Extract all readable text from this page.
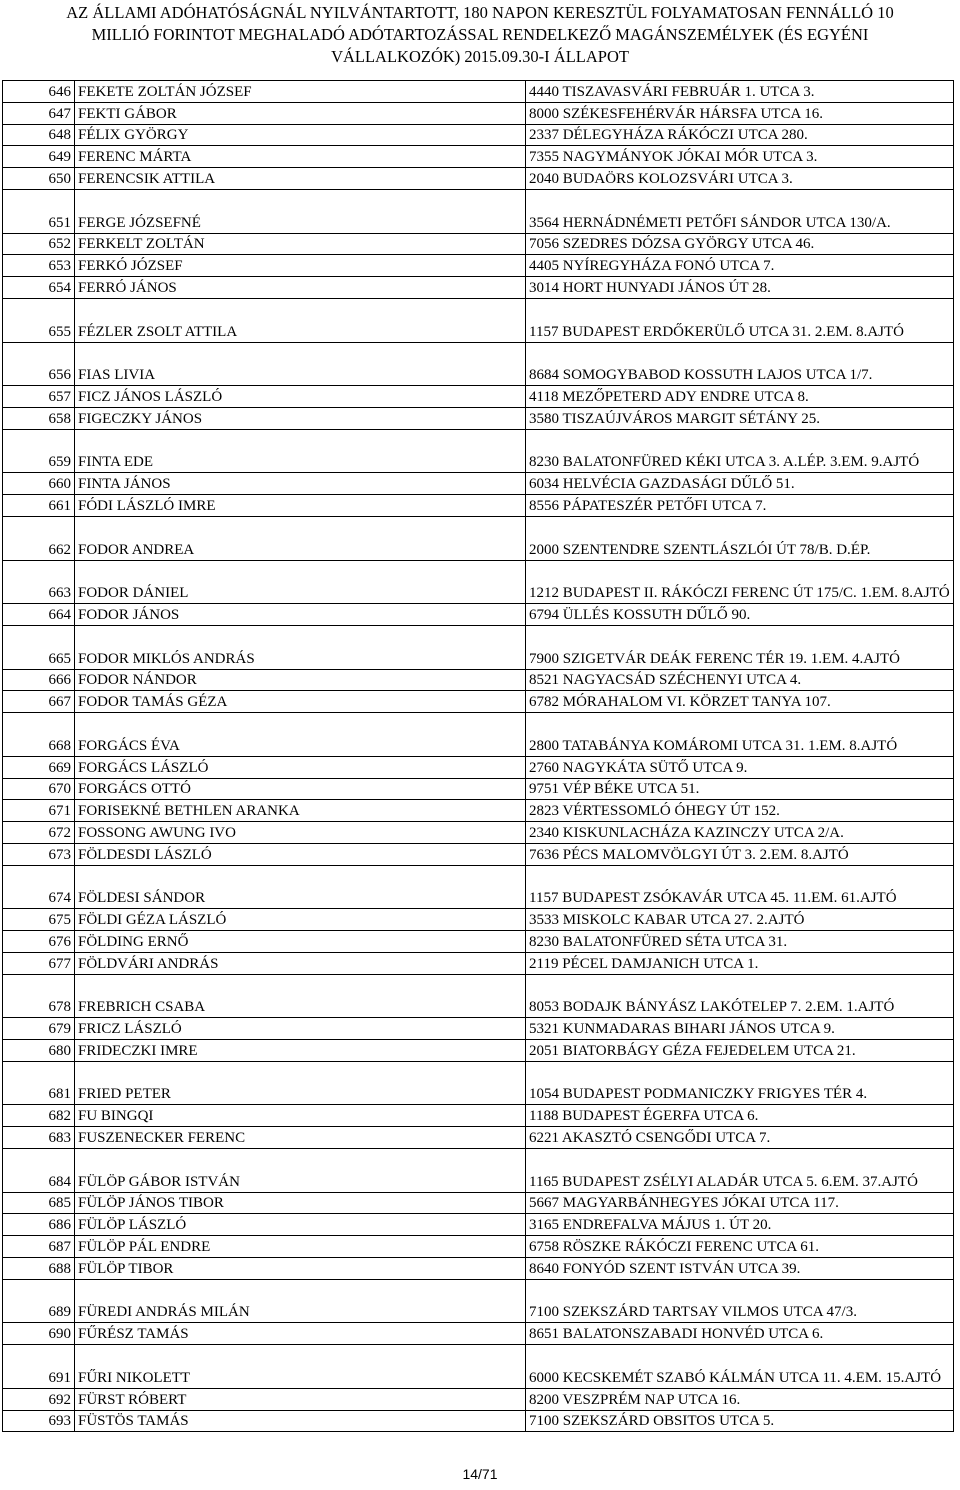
AZ ÁLLAMI ADÓHATÓSÁGNÁL NYILVÁNTARTOTT, 180 NAPON KERESZTÜL FOLYAMATOSAN FENNÁLLÓ 10
MILLIÓ FORINTOT MEGHALADÓ ADÓTARTOZÁSSAL RENDELKEZŐ MAGÁNSZEMÉLYEK (ÉS EGYÉNI
VÁLLALKOZÓK) 2015.09.30-I ÁLLAPOT
646	FEKETE ZOLTÁN JÓZSEF	4440 TISZAVASVÁRI FEBRUÁR 1. UTCA 3.
647	FEKTI GÁBOR	8000 SZÉKESFEHÉRVÁR HÁRSFA UTCA 16.
648	FÉLIX GYÖRGY	2337 DÉLEGYHÁZA RÁKÓCZI UTCA 280.
649	FERENC MÁRTA	7355 NAGYMÁNYOK JÓKAI MÓR UTCA 3.
650	FERENCSIK ATTILA	2040 BUDAÖRS KOLOZSVÁRI UTCA 3.
651	FERGE JÓZSEFNÉ	3564 HERNÁDNÉMETI PETŐFI SÁNDOR UTCA 130/A.
652	FERKELT ZOLTÁN	7056 SZEDRES DÓZSA GYÖRGY UTCA 46.
653	FERKÓ JÓZSEF	4405 NYÍREGYHÁZA FONÓ UTCA 7.
654	FERRÓ JÁNOS	3014 HORT HUNYADI JÁNOS ÚT 28.
655	FÉZLER ZSOLT ATTILA	1157 BUDAPEST ERDŐKERÜLŐ UTCA 31. 2.EM. 8.AJTÓ
656	FIAS LIVIA	8684 SOMOGYBABOD KOSSUTH LAJOS UTCA 1/7.
657	FICZ JÁNOS LÁSZLÓ	4118 MEZŐPETERD ADY ENDRE UTCA 8.
658	FIGECZKY JÁNOS	3580 TISZAÚJVÁROS MARGIT SÉTÁNY 25.
659	FINTA EDE	8230 BALATONFÜRED KÉKI UTCA 3. A.LÉP. 3.EM. 9.AJTÓ
660	FINTA JÁNOS	6034 HELVÉCIA GAZDASÁGI DŰLŐ 51.
661	FÓDI LÁSZLÓ IMRE	8556 PÁPATESZÉR PETŐFI UTCA 7.
662	FODOR ANDREA	2000 SZENTENDRE SZENTLÁSZLÓI ÚT 78/B. D.ÉP.
663	FODOR DÁNIEL	1212 BUDAPEST II. RÁKÓCZI FERENC ÚT 175/C. 1.EM. 8.AJTÓ
664	FODOR JÁNOS	6794 ÜLLÉS KOSSUTH DŰLŐ 90.
665	FODOR MIKLÓS ANDRÁS	7900 SZIGETVÁR DEÁK FERENC TÉR 19. 1.EM. 4.AJTÓ
666	FODOR NÁNDOR	8521 NAGYACSÁD SZÉCHENYI UTCA 4.
667	FODOR TAMÁS GÉZA	6782 MÓRAHALOM VI. KÖRZET TANYA 107.
668	FORGÁCS ÉVA	2800 TATABÁNYA KOMÁROMI UTCA 31. 1.EM. 8.AJTÓ
669	FORGÁCS LÁSZLÓ	2760 NAGYKÁTA SÜTŐ UTCA 9.
670	FORGÁCS OTTÓ	9751 VÉP BÉKE UTCA 51.
671	FORISEKNÉ BETHLEN ARANKA	2823 VÉRTESSOMLÓ ÓHEGY ÚT 152.
672	FOSSONG AWUNG IVO	2340 KISKUNLACHÁZA KAZINCZY UTCA 2/A.
673	FÖLDESDI LÁSZLÓ	7636 PÉCS MALOMVÖLGYI ÚT 3. 2.EM. 8.AJTÓ
674	FÖLDESI SÁNDOR	1157 BUDAPEST ZSÓKAVÁR UTCA 45. 11.EM. 61.AJTÓ
675	FÖLDI GÉZA LÁSZLÓ	3533 MISKOLC KABAR UTCA 27. 2.AJTÓ
676	FÖLDING ERNŐ	8230 BALATONFÜRED SÉTA UTCA 31.
677	FÖLDVÁRI ANDRÁS	2119 PÉCEL DAMJANICH UTCA 1.
678	FREBRICH CSABA	8053 BODAJK BÁNYÁSZ LAKÓTELEP 7. 2.EM. 1.AJTÓ
679	FRICZ LÁSZLÓ	5321 KUNMADARAS BIHARI JÁNOS UTCA 9.
680	FRIDECZKI IMRE	2051 BIATORBÁGY GÉZA FEJEDELEM UTCA 21.
681	FRIED PETER	1054 BUDAPEST PODMANICZKY FRIGYES TÉR 4.
682	FU BINGQI	1188 BUDAPEST ÉGERFA UTCA 6.
683	FUSZENECKER FERENC	6221 AKASZTÓ CSENGŐDI UTCA 7.
684	FÜLÖP GÁBOR ISTVÁN	1165 BUDAPEST ZSÉLYI ALADÁR UTCA 5. 6.EM. 37.AJTÓ
685	FÜLÖP JÁNOS TIBOR	5667 MAGYARBÁNHEGYES JÓKAI UTCA 117.
686	FÜLÖP LÁSZLÓ	3165 ENDREFALVA MÁJUS 1. ÚT 20.
687	FÜLÖP PÁL ENDRE	6758 RÖSZKE RÁKÓCZI FERENC UTCA 61.
688	FÜLÖP TIBOR	8640 FONYÓD SZENT ISTVÁN UTCA 39.
689	FÜREDI ANDRÁS MILÁN	7100 SZEKSZÁRD TARTSAY VILMOS UTCA 47/3.
690	FŰRÉSZ TAMÁS	8651 BALATONSZABADI HONVÉD UTCA 6.
691	FŰRI NIKOLETT	6000 KECSKEMÉT SZABÓ KÁLMÁN UTCA 11. 4.EM. 15.AJTÓ
692	FÜRST RÓBERT	8200 VESZPRÉM NAP UTCA 16.
693	FÜSTÖS TAMÁS	7100 SZEKSZÁRD OBSITOS UTCA 5.
14/71
